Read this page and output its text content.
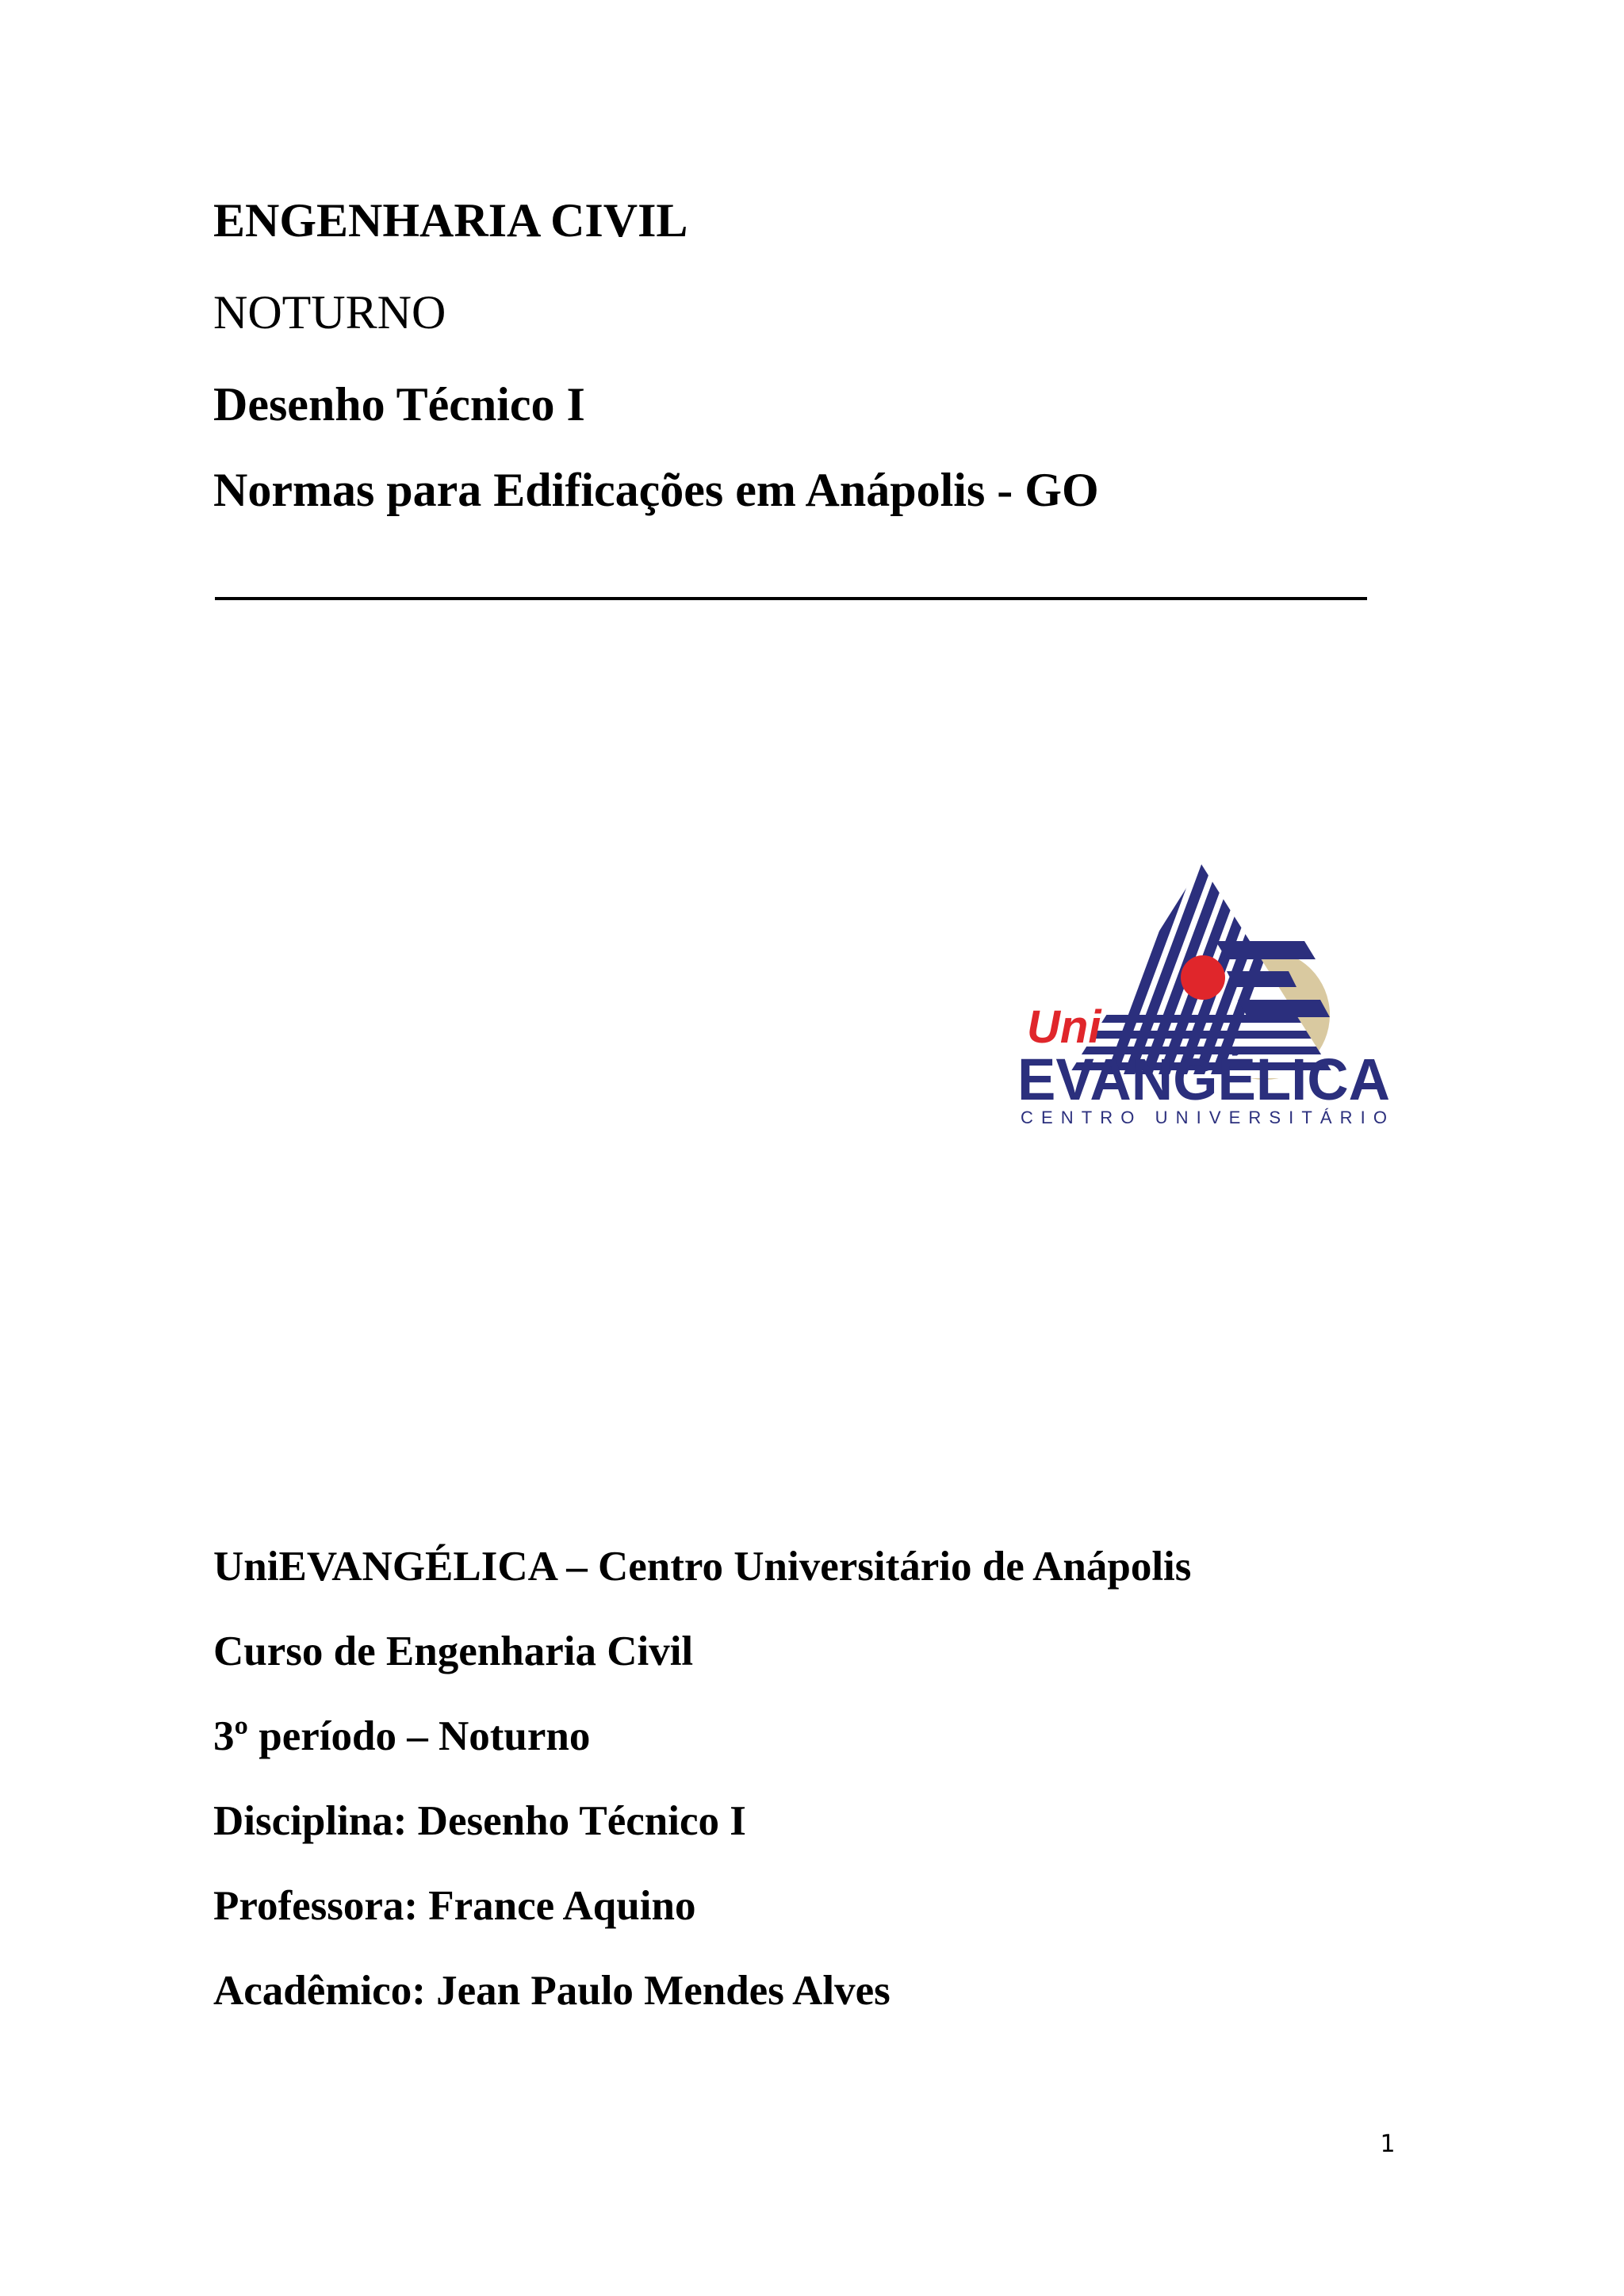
ENGENHARIA CIVIL
NOTURNO
Desenho Técnico I
Normas para Edificações em Anápolis - GO
Uni
EVANGÉLICA
CENTRO UNIVERSITÁRIO
UniEVANGÉLICA – Centro Universitário de Anápolis
Curso de Engenharia Civil
3º período – Noturno
Disciplina: Desenho Técnico I
Professora: France Aquino
Acadêmico: Jean Paulo Mendes Alves
1
